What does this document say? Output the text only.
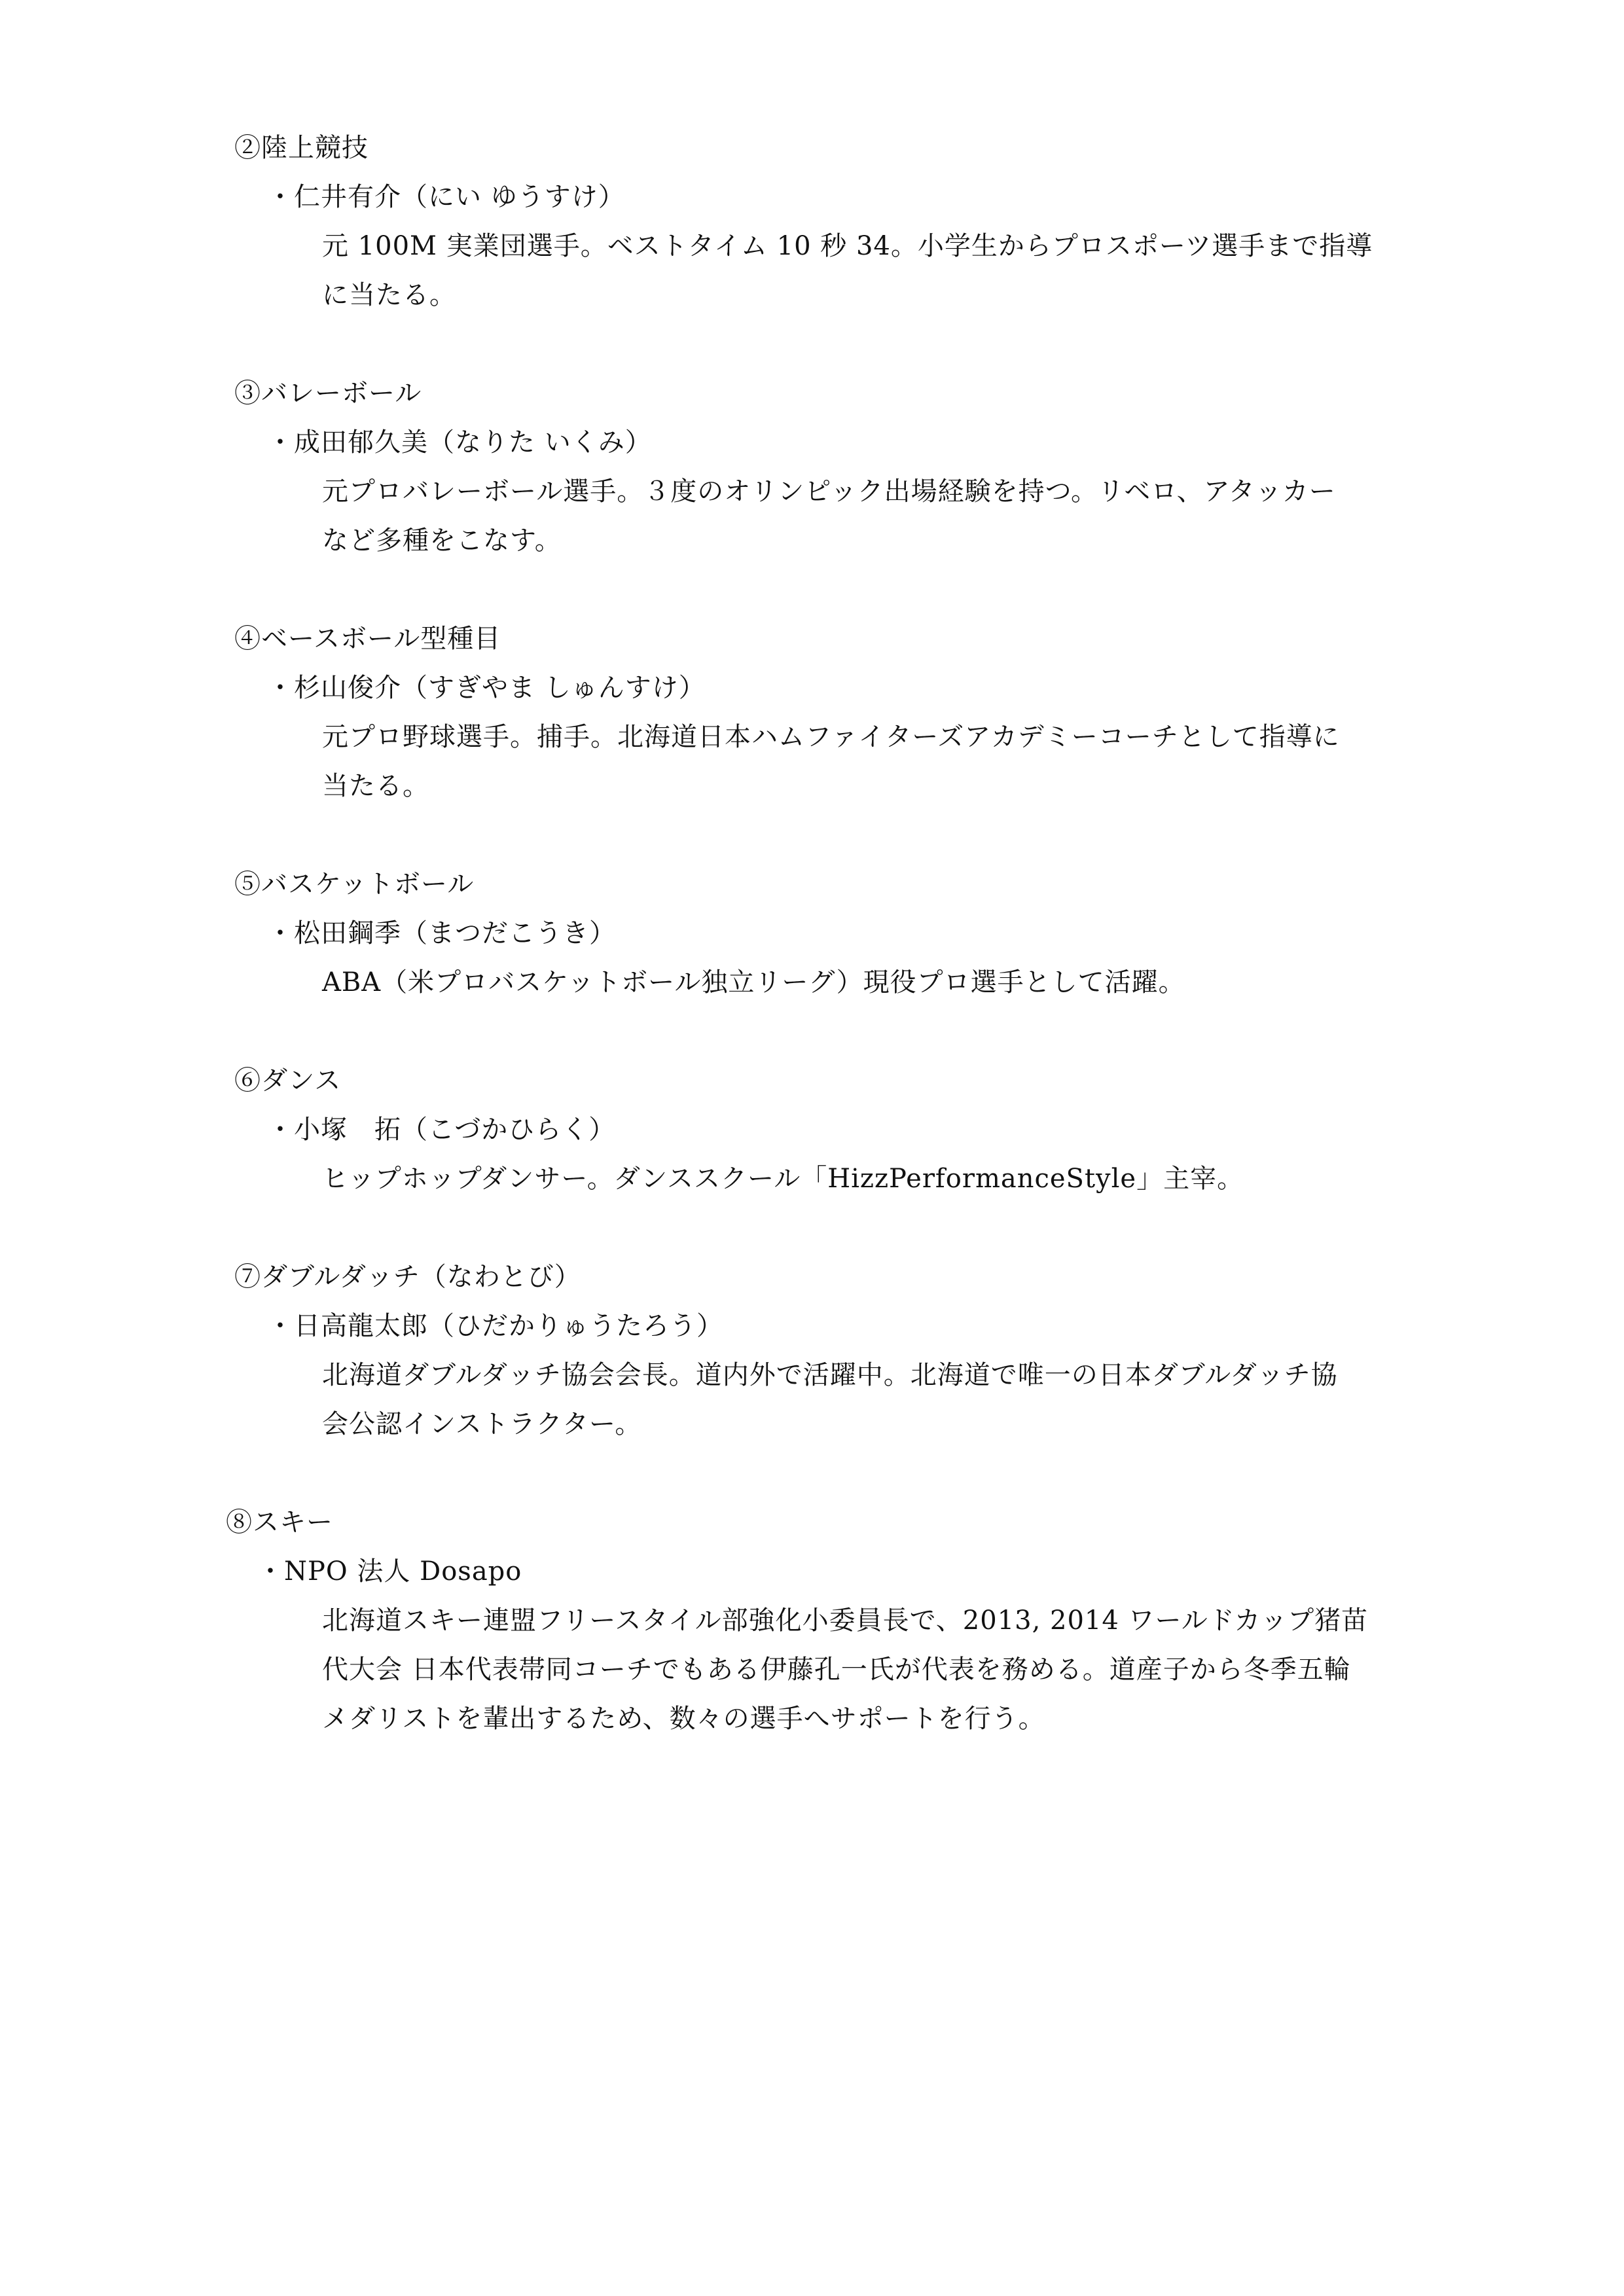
②陸上競技
・仁井有介（にい ゆうすけ）
元 100M 実業団選手。ベストタイム 10 秒 34。小学生からプロスポーツ選手まで指導
に当たる。
③バレーボール
・成田郁久美（なりた いくみ）
元プロバレーボール選手。３度のオリンピック出場経験を持つ。リベロ、アタッカー
など多種をこなす。
④ベースボール型種目
・杉山俊介（すぎやま しゅんすけ）
元プロ野球選手。捕手。北海道日本ハムファイターズアカデミーコーチとして指導に
当たる。
⑤バスケットボール
・松田鋼季（まつだこうき）
ABA（米プロバスケットボール独立リーグ）現役プロ選手として活躍。
⑥ダンス
・小塚　拓（こづかひらく）
ヒップホップダンサー。ダンススクール「HizzPerformanceStyle」主宰。
⑦ダブルダッチ（なわとび）
・日高龍太郎（ひだかりゅうたろう）
北海道ダブルダッチ協会会長。道内外で活躍中。北海道で唯一の日本ダブルダッチ協
会公認インストラクター。
⑧スキー
・NPO 法人 Dosapo
北海道スキー連盟フリースタイル部強化小委員長で、2013, 2014 ワールドカップ猪苗
代大会 日本代表帯同コーチでもある伊藤孔一氏が代表を務める。道産子から冬季五輪
メダリストを輩出するため、数々の選手へサポートを行う。
